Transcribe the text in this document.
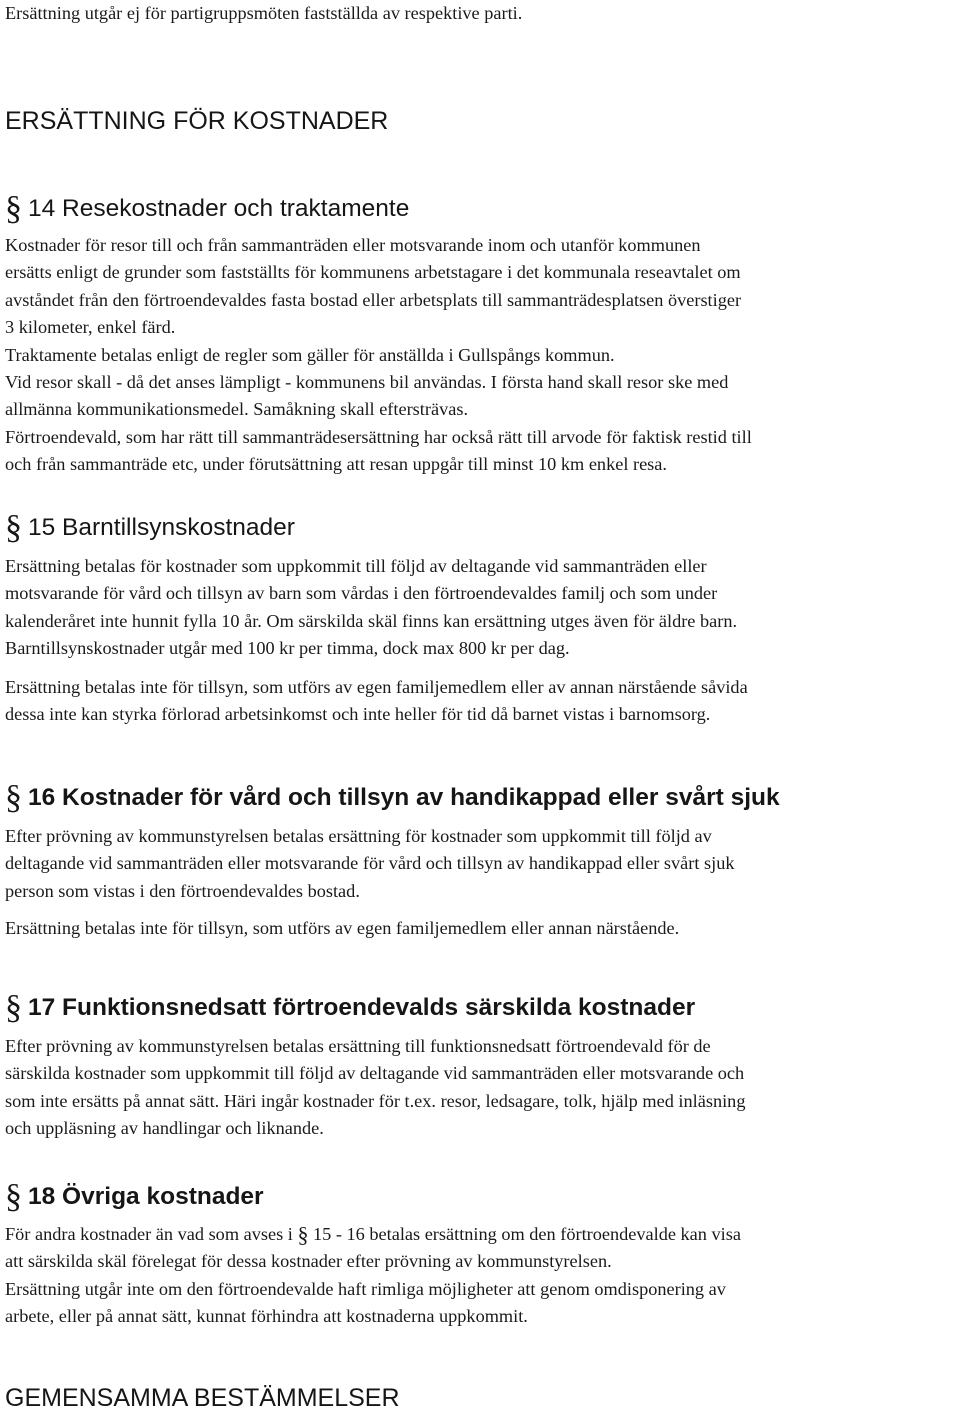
Ersättning utgår ej för partigruppsmöten fastställda av respektive parti.

ERSÄTTNING FÖR KOSTNADER
§ 14 Resekostnader och traktamente

Kostnader för resor till och från sammanträden eller motsvarande inom och utanför kommunen

ersätts enligt de grunder som fastställts för kommunens arbetstagare i det kommunala reseavtalet om

avståndet från den förtroendevaldes fasta bostad eller arbetsplats till sammanträdesplatsen överstiger

3 kilometer, enkel färd.

Traktamente betalas enligt de regler som gäller för anställda i Gullspångs kommun.

Vid resor skall - då det anses lämpligt - kommunens bil användas. I första hand skall resor ske med

allmänna kommunikationsmedel. Samåkning skall eftersträvas.

Förtroendevald, som har rätt till sammanträdesersättning har också rätt till arvode för faktisk restid till

och från sammanträde etc, under förutsättning att resan uppgår till minst 10 km enkel resa.

§ 15 Barntillsynskostnader

Ersättning betalas för kostnader som uppkommit till följd av deltagande vid sammanträden eller

motsvarande för vård och tillsyn av barn som vårdas i den förtroendevaldes familj och som under

kalenderåret inte hunnit fylla 10 år. Om särskilda skäl finns kan ersättning utges även för äldre barn.

Barntillsynskostnader utgår med 100 kr per timma, dock max 800 kr per dag.

Ersättning betalas inte för tillsyn, som utförs av egen familjemedlem eller av annan närstående såvida

dessa inte kan styrka förlorad arbetsinkomst och inte heller för tid då barnet vistas i barnomsorg.

§ 16 Kostnader för vård och tillsyn av handikappad eller svårt sjuk

Efter prövning av kommunstyrelsen betalas ersättning för kostnader som uppkommit till följd av

deltagande vid sammanträden eller motsvarande för vård och tillsyn av handikappad eller svårt sjuk

person som vistas i den förtroendevaldes bostad.

Ersättning betalas inte för tillsyn, som utförs av egen familjemedlem eller annan närstående.

§ 17 Funktionsnedsatt förtroendevalds särskilda kostnader

Efter prövning av kommunstyrelsen betalas ersättning till funktionsnedsatt förtroendevald för de

särskilda kostnader som uppkommit till följd av deltagande vid sammanträden eller motsvarande och

som inte ersätts på annat sätt. Häri ingår kostnader för t.ex. resor, ledsagare, tolk, hjälp med inläsning

och uppläsning av handlingar och liknande.

§ 18 Övriga kostnader

För andra kostnader än vad som avses i § 15 - 16 betalas ersättning om den förtroendevalde kan visa

att särskilda skäl förelegat för dessa kostnader efter prövning av kommunstyrelsen.

Ersättning utgår inte om den förtroendevalde haft rimliga möjligheter att genom omdisponering av

arbete, eller på annat sätt, kunnat förhindra att kostnaderna uppkommit.

GEMENSAMMA BESTÄMMELSER
